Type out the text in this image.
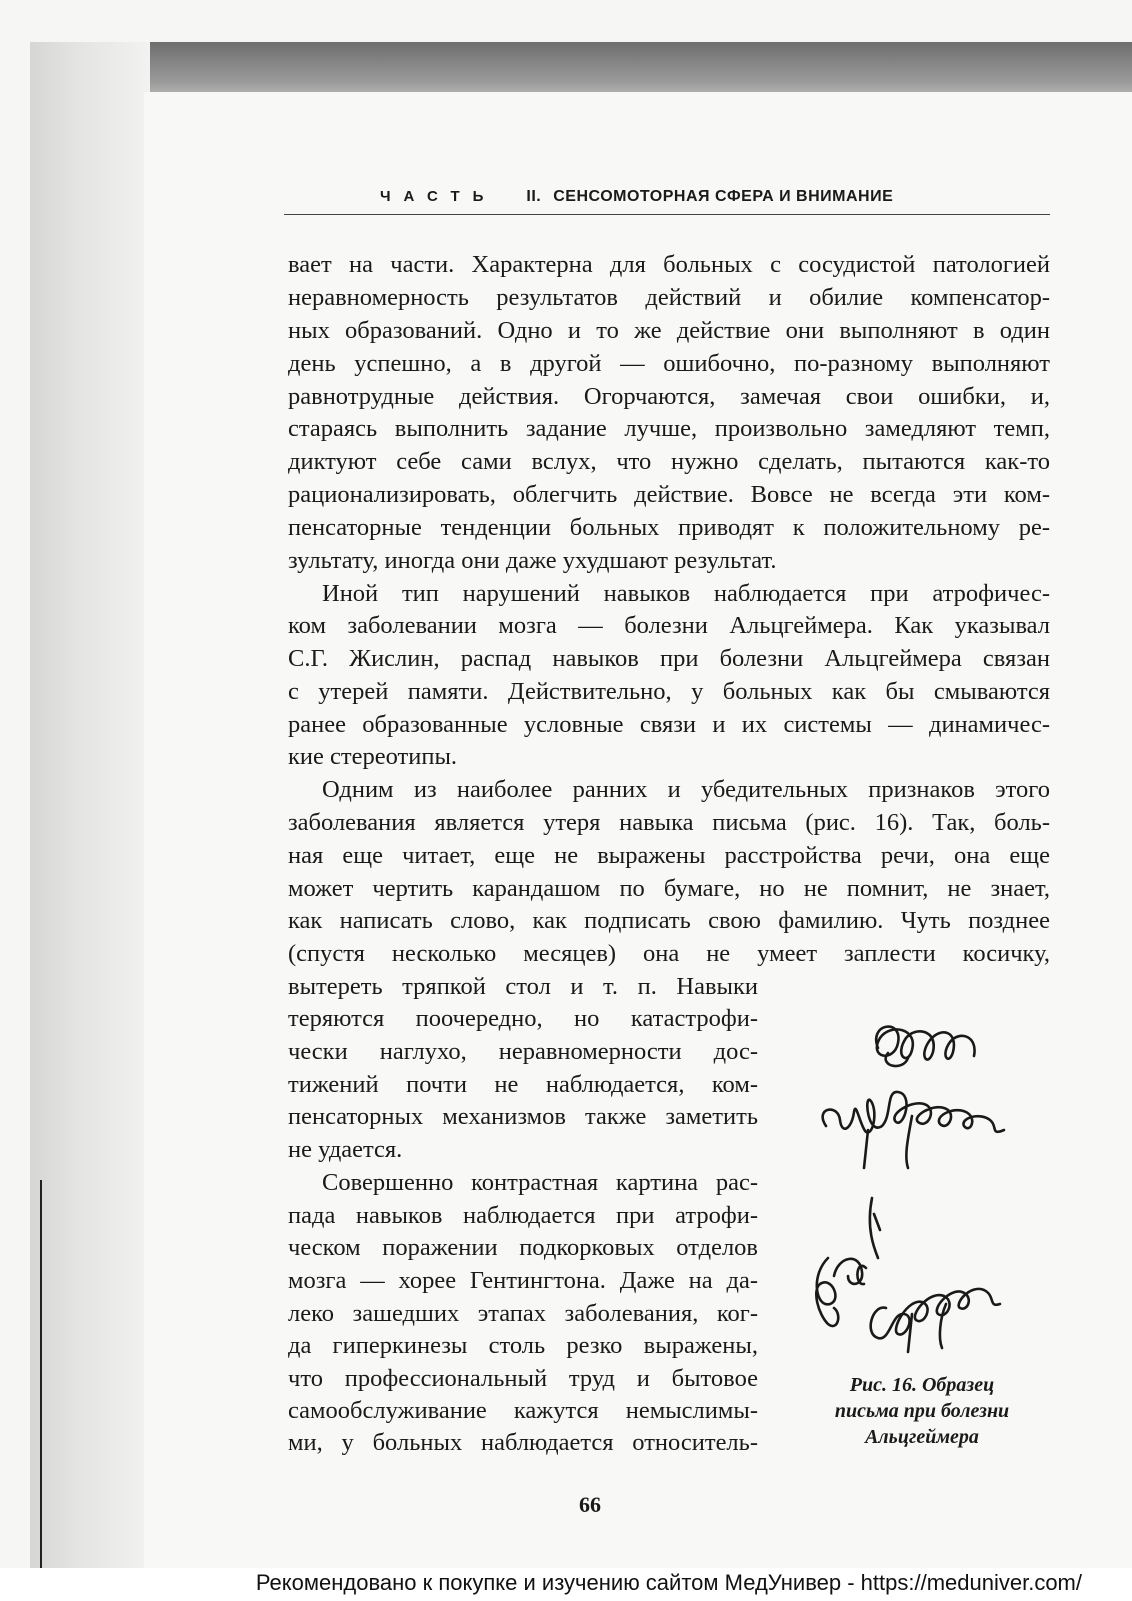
ЧАСТЬ II. СЕНСОМОТОРНАЯ СФЕРА И ВНИМАНИЕ
вает на части. Характерна для больных с сосудистой патологией
неравномерность результатов действий и обилие компенсатор-
ных образований. Одно и то же действие они выполняют в один
день успешно, а в другой — ошибочно, по-разному выполняют
равнотрудные действия. Огорчаются, замечая свои ошибки, и,
стараясь выполнить задание лучше, произвольно замедляют темп,
диктуют себе сами вслух, что нужно сделать, пытаются как-то
рационализировать, облегчить действие. Вовсе не всегда эти ком-
пенсаторные тенденции больных приводят к положительному ре-
зультату, иногда они даже ухудшают результат.
Иной тип нарушений навыков наблюдается при атрофичес-
ком заболевании мозга — болезни Альцгеймера. Как указывал
С.Г. Жислин, распад навыков при болезни Альцгеймера связан
с утерей памяти. Действительно, у больных как бы смываются
ранее образованные условные связи и их системы — динамичес-
кие стереотипы.
Одним из наиболее ранних и убедительных признаков этого
заболевания является утеря навыка письма (рис. 16). Так, боль-
ная еще читает, еще не выражены расстройства речи, она еще
может чертить карандашом по бумаге, но не помнит, не знает,
как написать слово, как подписать свою фамилию. Чуть позднее
(спустя несколько месяцев) она не умеет заплести косичку,
вытереть тряпкой стол и т. п. Навыки
теряются поочередно, но катастрофи-
чески наглухо, неравномерности дос-
тижений почти не наблюдается, ком-
пенсаторных механизмов также заметить
не удается.
Совершенно контрастная картина рас-
пада навыков наблюдается при атрофи-
ческом поражении подкорковых отделов
мозга — хорее Гентингтона. Даже на да-
леко зашедших этапах заболевания, ког-
да гиперкинезы столь резко выражены,
что профессиональный труд и бытовое
самообслуживание кажутся немыслимы-
ми, у больных наблюдается относитель-
Рис. 16. Образец
письма при болезни
Альцгеймера
66
Рекомендовано к покупке и изучению сайтом МедУнивер - https://meduniver.com/
